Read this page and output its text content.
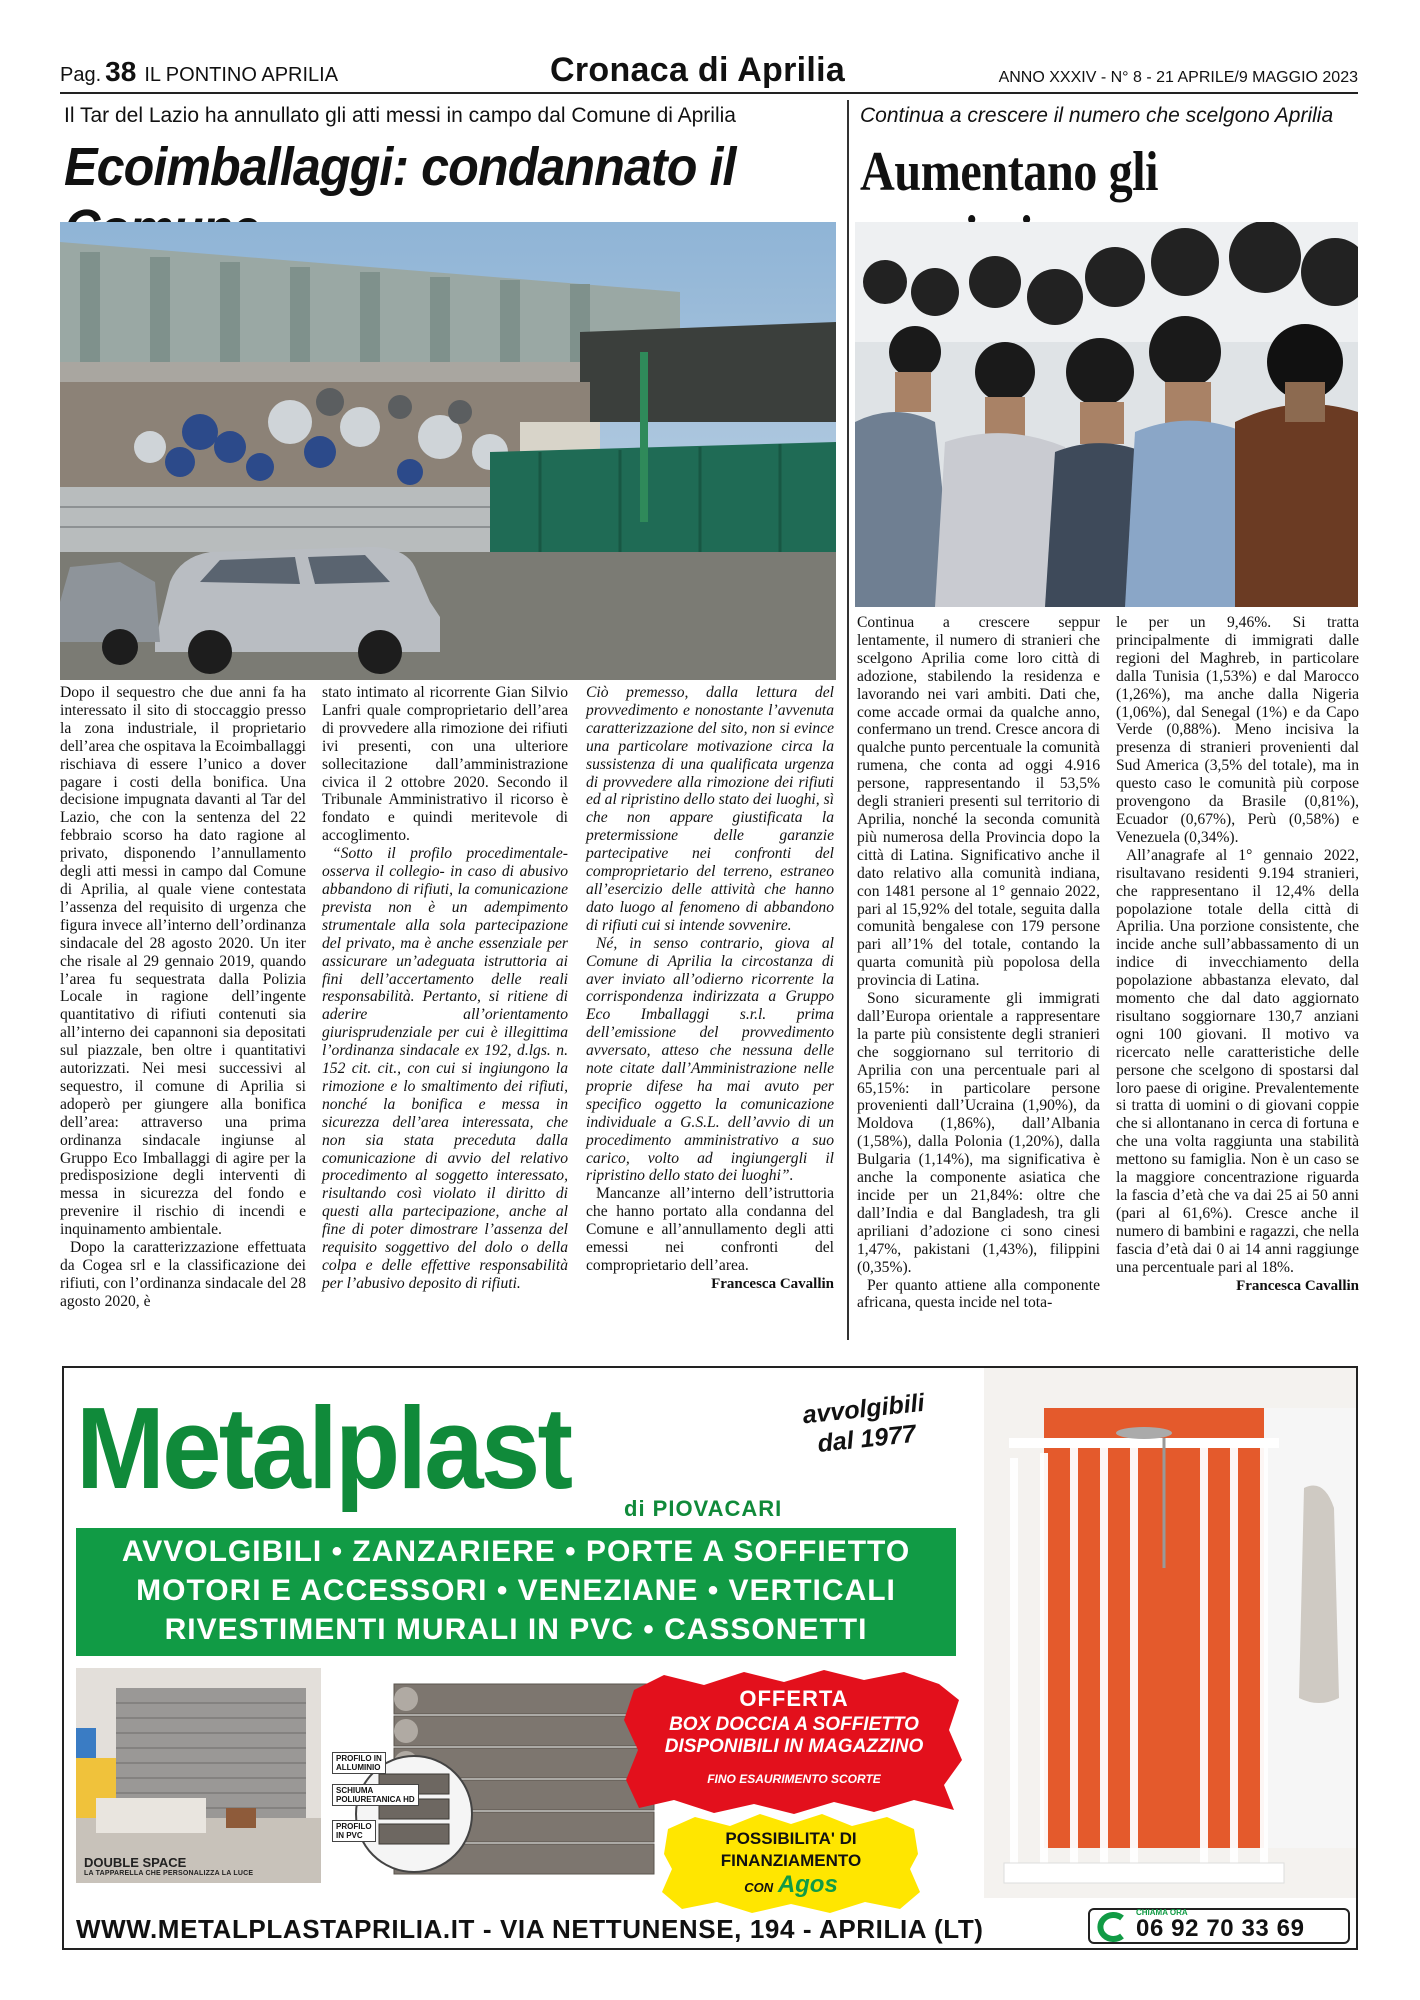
Pag. 38 IL PONTINO APRILIA	Cronaca di Aprilia	ANNO XXXIV - N° 8 - 21 APRILE/9 MAGGIO 2023
Il Tar del Lazio ha annullato gli atti messi in campo dal Comune di Aprilia
Ecoimballaggi: condannato il

Dopo il sequestro che due anni fa ha interessato il sito di stoccaggio presso la zona industriale, il proprietario dell’area che ospitava la Ecoimballaggi rischiava di essere l’unico a dover pagare i costi della bonifica. Una decisione impugnata davanti al Tar del Lazio, che con la sentenza del 22 febbraio scorso ha dato ragione al privato, disponendo l’annullamento degli atti messi in campo dal Comune di Aprilia, al quale viene contestata l’assenza del requisito di urgenza che figura invece all’interno dell’ordinanza sindacale del 28 agosto 2020. Un iter che risale al 29 gennaio 2019, quando l’area fu sequestrata dalla Polizia Locale in ragione dell’ingente quantitativo di rifiuti contenuti sia all’interno dei capannoni sia depositati sul piazzale, ben oltre i quantitativi autorizzati. Nei mesi successivi al sequestro, il comune di Aprilia si adoperò per giungere alla bonifica dell’area: attraverso una prima ordinanza sindacale ingiunse al Gruppo Eco Imballaggi di agire per la predisposizione degli interventi di messa in sicurezza del fondo e prevenire il rischio di incendi e inquinamento ambientale.

Dopo la caratterizzazione effettuata da Cogea srl e la classificazione dei rifiuti, con l’ordinanza sindacale del 28 agosto 2020, è

stato intimato al ricorrente Gian Silvio Lanfri quale comproprietario dell’area di provvedere alla rimozione dei rifiuti ivi presenti, con una ulteriore sollecitazione dall’amministrazione civica il 2 ottobre 2020. Secondo il Tribunale Amministrativo il ricorso è fondato e quindi meritevole di accoglimento.

“Sotto il profilo procedimentale- osserva il collegio- in caso di abusivo abbandono di rifiuti, la comunicazione prevista non è un adempimento strumentale alla sola partecipazione del privato, ma è anche essenziale per assicurare un’adeguata istruttoria ai fini dell’accertamento delle reali responsabilità. Pertanto, si ritiene di aderire all’orientamento giurisprudenziale per cui è illegittima l’ordinanza sindacale ex 192, d.lgs. n. 152 cit. cit., con cui si ingiungono la rimozione e lo smaltimento dei rifiuti, nonché la bonifica e messa in sicurezza dell’area interessata, che non sia stata preceduta dalla comunicazione di avvio del relativo procedimento al soggetto interessato, risultando così violato il diritto di questi alla partecipazione, anche al fine di poter dimostrare l’assenza del requisito soggettivo del dolo o della colpa e delle effettive responsabilità per l’abusivo deposito di rifiuti.

Ciò premesso, dalla lettura del provvedimento e nonostante l’avvenuta caratterizzazione del sito, non si evince una particolare motivazione circa la sussistenza di una qualificata urgenza di provvedere alla rimozione dei rifiuti ed al ripristino dello stato dei luoghi, sì che non appare giustificata la pretermissione delle garanzie partecipative nei confronti del comproprietario del terreno, estraneo all’esercizio delle attività che hanno dato luogo al fenomeno di abbandono di rifiuti cui si intende sovvenire.

Né, in senso contrario, giova al Comune di Aprilia la circostanza di aver inviato all’odierno ricorrente la corrispondenza indirizzata a Gruppo Eco Imballaggi s.r.l. prima dell’emissione del provvedimento avversato, atteso che nessuna delle note citate dall’Amministrazione nelle proprie difese ha mai avuto per specifico oggetto la comunicazione individuale a G.S.L. dell’avvio di un procedimento amministrativo a suo carico, volto ad ingiungergli il ripristino dello stato dei luoghi”.

Mancanze all’interno dell’istruttoria che hanno portato alla condanna del Comune e all’annullamento degli atti emessi nei confronti del comproprietario dell’area.

Francesca Cavallin
Continua a crescere il numero che scelgono Aprilia
Aumentano gli

Continua a crescere seppur lentamente, il numero di stranieri che scelgono Aprilia come loro città di adozione, stabilendo la residenza e lavorando nei vari ambiti. Dati che, come accade ormai da qualche anno, confermano un trend. Cresce ancora di qualche punto percentuale la comunità rumena, che conta ad oggi 4.916 persone, rappresentando il 53,5% degli stranieri presenti sul territorio di Aprilia, nonché la seconda comunità più numerosa della Provincia dopo la città di Latina. Significativo anche il dato relativo alla comunità indiana, con 1481 persone al 1° gennaio 2022, pari al 15,92% del totale, seguita dalla comunità bengalese con 179 persone pari all’1% del totale, contando la quarta comunità più popolosa della provincia di Latina.

Sono sicuramente gli immigrati dall’Europa orientale a rappresentare la parte più consistente degli stranieri che soggiornano sul territorio di Aprilia con una percentuale pari al 65,15%: in particolare persone provenienti dall’Ucraina (1,90%), da Moldova (1,86%), dall’Albania (1,58%), dalla Polonia (1,20%), dalla Bulgaria (1,14%), ma significativa è anche la componente asiatica che incide per un 21,84%: oltre che dall’India e dal Bangladesh, tra gli apriliani d’adozione ci sono cinesi 1,47%, pakistani (1,43%), filippini (0,35%).

Per quanto attiene alla componente africana, questa incide nel tota-

le per un 9,46%. Si tratta principalmente di immigrati dalle regioni del Maghreb, in particolare dalla Tunisia (1,53%) e dal Marocco (1,26%), ma anche dalla Nigeria (1,06%), dal Senegal (1%) e da Capo Verde (0,88%). Meno incisiva la presenza di stranieri provenienti dal Sud America (3,5% del totale), ma in questo caso le comunità più corpose provengono da Brasile (0,81%), Ecuador (0,67%), Perù (0,58%) e Venezuela (0,34%).

All’anagrafe al 1° gennaio 2022, risultavano residenti 9.194 stranieri, che rappresentano il 12,4% della popolazione totale della città di Aprilia. Una porzione consistente, che incide anche sull’abbassamento di un indice di invecchiamento della popolazione abbastanza elevato, dal momento che dal dato aggiornato risultano soggiornare 130,7 anziani ogni 100 giovani. Il motivo va ricercato nelle caratteristiche delle persone che scelgono di spostarsi dal loro paese di origine. Prevalentemente si tratta di uomini o di giovani coppie che si allontanano in cerca di fortuna e che una volta raggiunta una stabilità mettono su famiglia. Non è un caso se la maggiore concentrazione riguarda la fascia d’età che va dai 25 ai 50 anni (pari al 61,6%). Cresce anche il numero di bambini e ragazzi, che nella fascia d’età dai 0 ai 14 anni raggiunge una percentuale pari al 18%.

Francesca Cavallin
Metalplast di PIOVACARI
avvolgibili
dal 1977
AVVOLGIBILI • ZANZARIERE • PORTE A SOFFIETTO
MOTORI E ACCESSORI • VENEZIANE • VERTICALI
RIVESTIMENTI MURALI IN PVC • CASSONETTI
DOUBLE SPACE
LA TAPPARELLA CHE PERSONALIZZA LA LUCE
PROFILO IN
ALLUMINIO
SCHIUMA
POLIURETANICA HD
PROFILO
IN PVC
OFFERTA
BOX DOCCIA A SOFFIETTO
DISPONIBILI IN MAGAZZINO
FINO ESAURIMENTO SCORTE
POSSIBILITA' DI
FINANZIAMENTO
CON Agos
WWW.METALPLASTAPRILIA.IT - VIA NETTUNENSE, 194 - APRILIA (LT)
CHIAMA ORA
06 92 70 33 69
